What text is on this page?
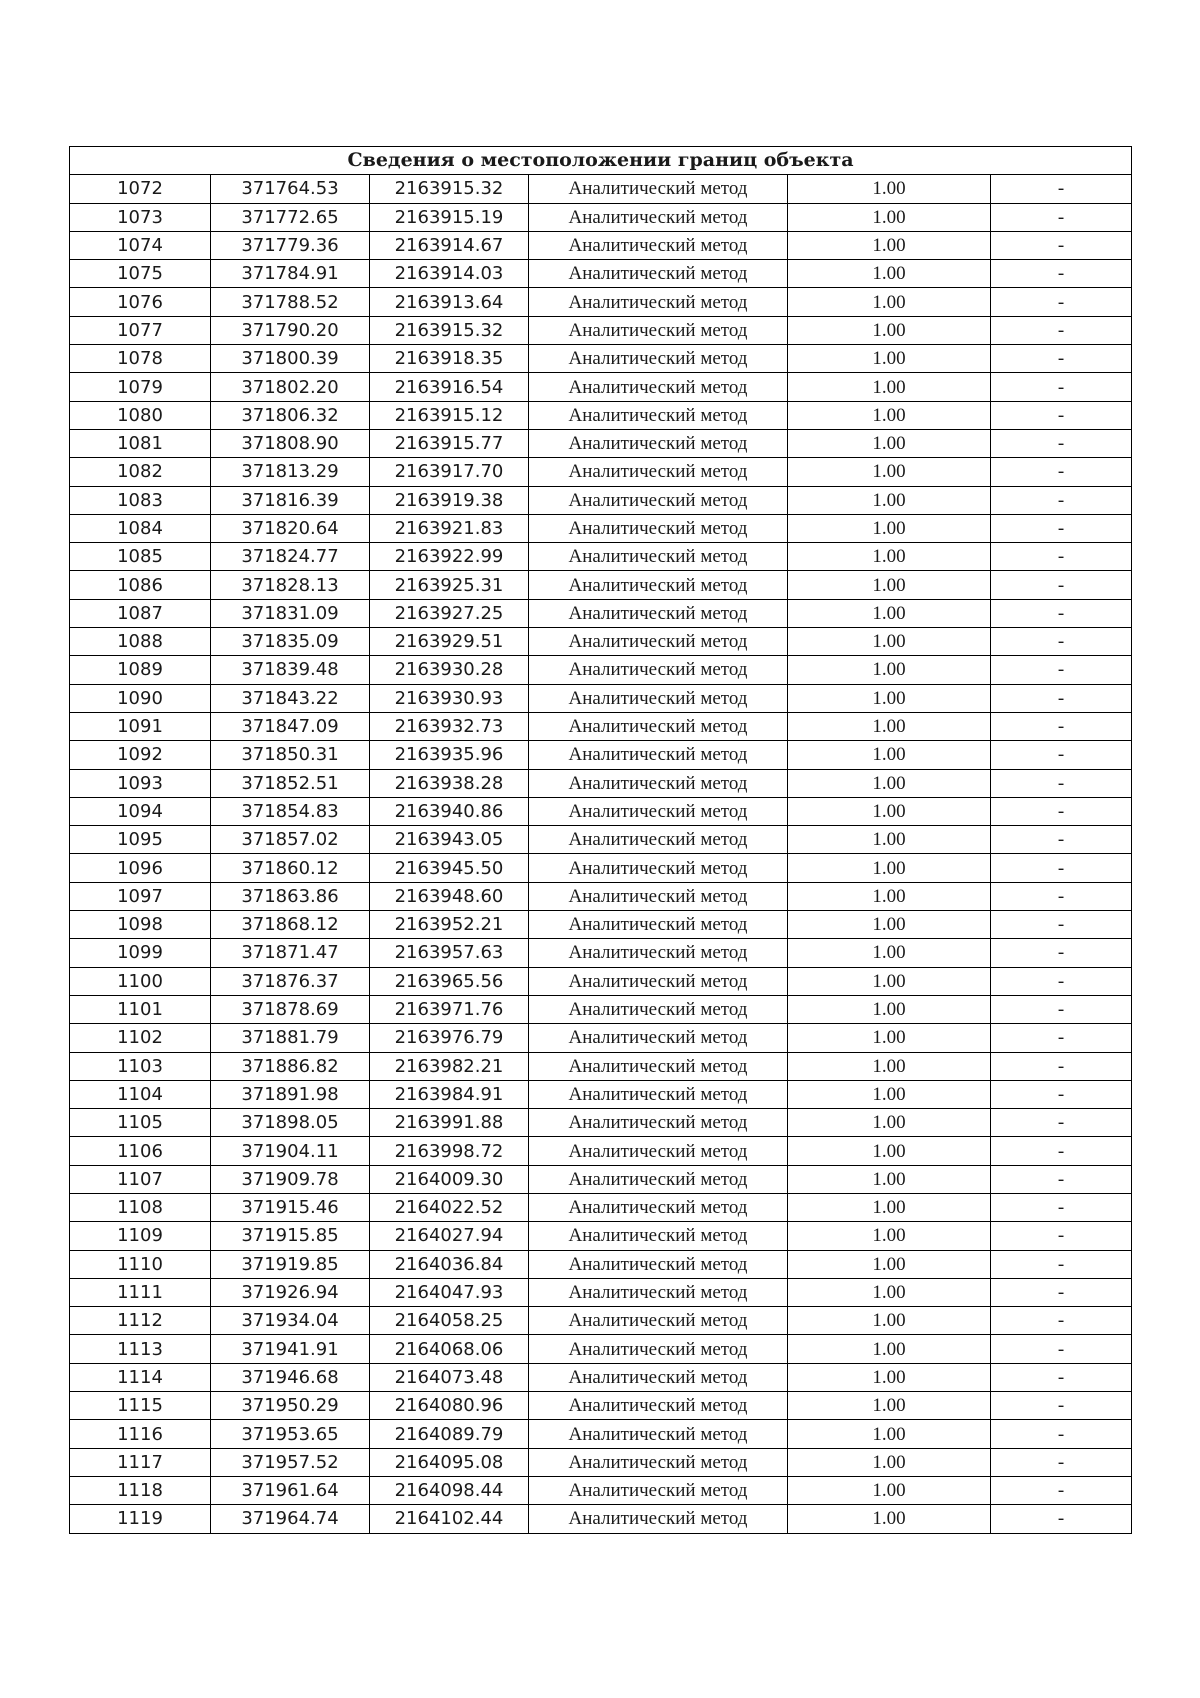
Сведения о местоположении границ объекта					
1072	371764.53	2163915.32	Аналитический метод	1.00	-
1073	371772.65	2163915.19	Аналитический метод	1.00	-
1074	371779.36	2163914.67	Аналитический метод	1.00	-
1075	371784.91	2163914.03	Аналитический метод	1.00	-
1076	371788.52	2163913.64	Аналитический метод	1.00	-
1077	371790.20	2163915.32	Аналитический метод	1.00	-
1078	371800.39	2163918.35	Аналитический метод	1.00	-
1079	371802.20	2163916.54	Аналитический метод	1.00	-
1080	371806.32	2163915.12	Аналитический метод	1.00	-
1081	371808.90	2163915.77	Аналитический метод	1.00	-
1082	371813.29	2163917.70	Аналитический метод	1.00	-
1083	371816.39	2163919.38	Аналитический метод	1.00	-
1084	371820.64	2163921.83	Аналитический метод	1.00	-
1085	371824.77	2163922.99	Аналитический метод	1.00	-
1086	371828.13	2163925.31	Аналитический метод	1.00	-
1087	371831.09	2163927.25	Аналитический метод	1.00	-
1088	371835.09	2163929.51	Аналитический метод	1.00	-
1089	371839.48	2163930.28	Аналитический метод	1.00	-
1090	371843.22	2163930.93	Аналитический метод	1.00	-
1091	371847.09	2163932.73	Аналитический метод	1.00	-
1092	371850.31	2163935.96	Аналитический метод	1.00	-
1093	371852.51	2163938.28	Аналитический метод	1.00	-
1094	371854.83	2163940.86	Аналитический метод	1.00	-
1095	371857.02	2163943.05	Аналитический метод	1.00	-
1096	371860.12	2163945.50	Аналитический метод	1.00	-
1097	371863.86	2163948.60	Аналитический метод	1.00	-
1098	371868.12	2163952.21	Аналитический метод	1.00	-
1099	371871.47	2163957.63	Аналитический метод	1.00	-
1100	371876.37	2163965.56	Аналитический метод	1.00	-
1101	371878.69	2163971.76	Аналитический метод	1.00	-
1102	371881.79	2163976.79	Аналитический метод	1.00	-
1103	371886.82	2163982.21	Аналитический метод	1.00	-
1104	371891.98	2163984.91	Аналитический метод	1.00	-
1105	371898.05	2163991.88	Аналитический метод	1.00	-
1106	371904.11	2163998.72	Аналитический метод	1.00	-
1107	371909.78	2164009.30	Аналитический метод	1.00	-
1108	371915.46	2164022.52	Аналитический метод	1.00	-
1109	371915.85	2164027.94	Аналитический метод	1.00	-
1110	371919.85	2164036.84	Аналитический метод	1.00	-
1111	371926.94	2164047.93	Аналитический метод	1.00	-
1112	371934.04	2164058.25	Аналитический метод	1.00	-
1113	371941.91	2164068.06	Аналитический метод	1.00	-
1114	371946.68	2164073.48	Аналитический метод	1.00	-
1115	371950.29	2164080.96	Аналитический метод	1.00	-
1116	371953.65	2164089.79	Аналитический метод	1.00	-
1117	371957.52	2164095.08	Аналитический метод	1.00	-
1118	371961.64	2164098.44	Аналитический метод	1.00	-
1119	371964.74	2164102.44	Аналитический метод	1.00	-
